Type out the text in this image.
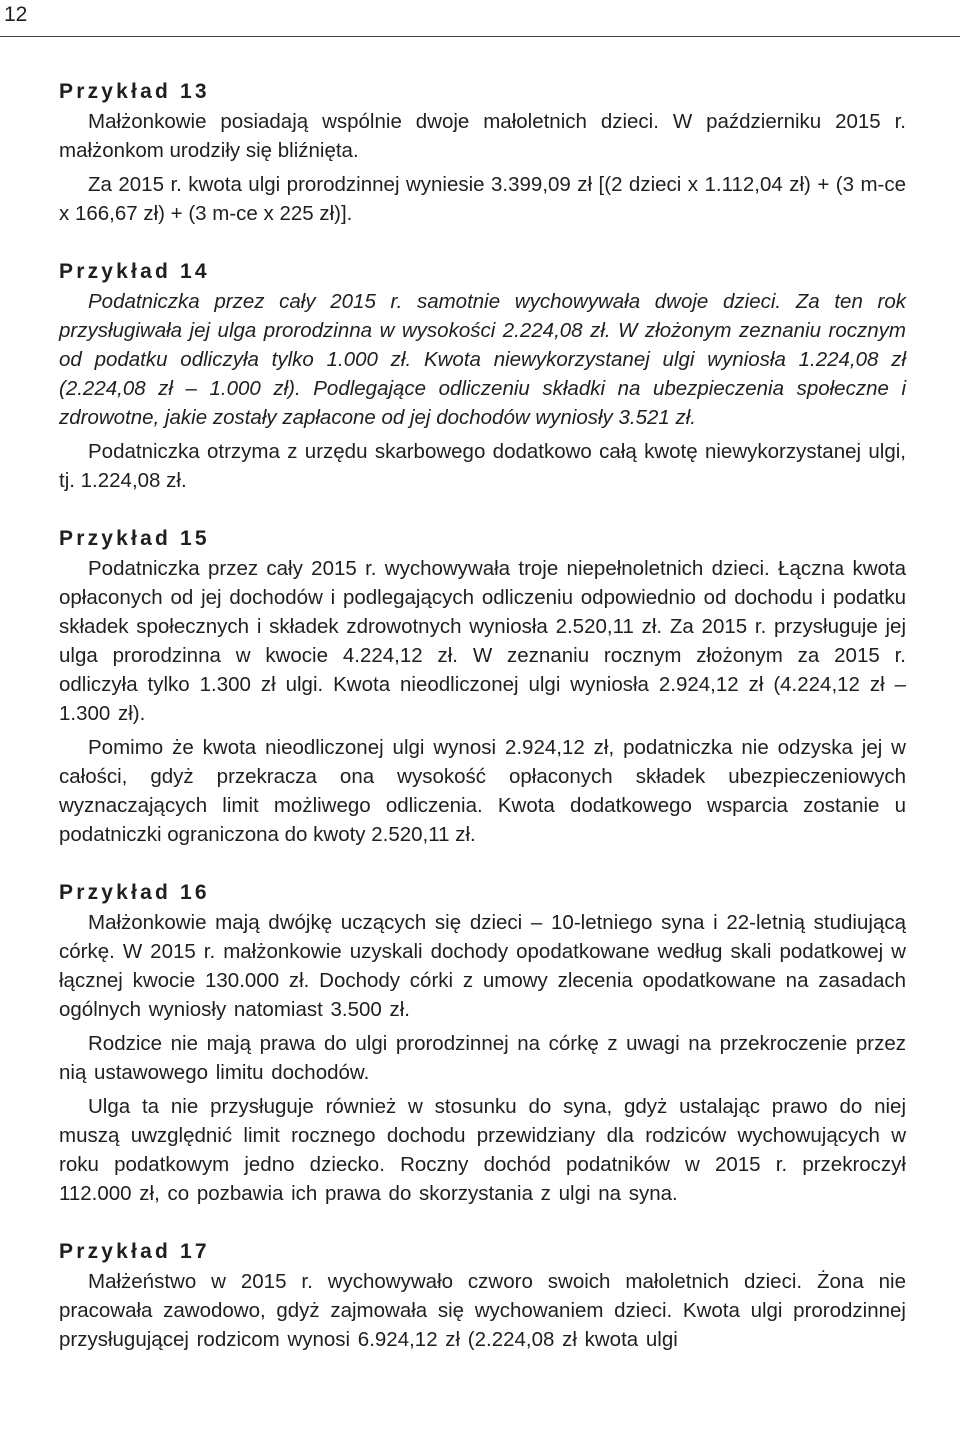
12
Przykład 13

Małżonkowie posiadają wspólnie dwoje małoletnich dzieci. W październiku 2015 r. małżonkom urodziły się bliźnięta.

Za 2015 r. kwota ulgi prorodzinnej wyniesie 3.399,09 zł [(2 dzieci x 1.112,04 zł) + (3 m-ce x 166,67 zł) + (3 m-ce x 225 zł)].

Przykład 14

Podatniczka przez cały 2015 r. samotnie wychowywała dwoje dzieci. Za ten rok przysługiwała jej ulga prorodzinna w wysokości 2.224,08 zł. W złożonym zeznaniu rocznym od podatku odliczyła tylko 1.000 zł. Kwota niewykorzystanej ulgi wyniosła 1.224,08 zł (2.224,08 zł – 1.000 zł). Podlegające odliczeniu składki na ubezpieczenia społeczne i zdrowotne, jakie zostały zapłacone od jej dochodów wyniosły 3.521 zł.

Podatniczka otrzyma z urzędu skarbowego dodatkowo całą kwotę niewykorzystanej ulgi, tj. 1.224,08 zł.

Przykład 15

Podatniczka przez cały 2015 r. wychowywała troje niepełnoletnich dzieci. Łączna kwota opłaconych od jej dochodów i podlegających odliczeniu odpowiednio od dochodu i podatku składek społecznych i składek zdrowotnych wyniosła 2.520,11 zł. Za 2015 r. przysługuje jej ulga prorodzinna w kwocie 4.224,12 zł. W zeznaniu rocznym złożonym za 2015 r. odliczyła tylko 1.300 zł ulgi. Kwota nieodliczonej ulgi wyniosła 2.924,12 zł (4.224,12 zł – 1.300 zł).

Pomimo że kwota nieodliczonej ulgi wynosi 2.924,12 zł, podatniczka nie odzyska jej w całości, gdyż przekracza ona wysokość opłaconych składek ubezpieczeniowych wyznaczających limit możliwego odliczenia. Kwota dodatkowego wsparcia zostanie u podatniczki ograniczona do kwoty 2.520,11 zł.

Przykład 16

Małżonkowie mają dwójkę uczących się dzieci – 10-letniego syna i 22-letnią studiującą córkę. W 2015 r. małżonkowie uzyskali dochody opodatkowane według skali podatkowej w łącznej kwocie 130.000 zł. Dochody córki z umowy zlecenia opodatkowane na zasadach ogólnych wyniosły natomiast 3.500 zł.

Rodzice nie mają prawa do ulgi prorodzinnej na córkę z uwagi na przekroczenie przez nią ustawowego limitu dochodów.

Ulga ta nie przysługuje również w stosunku do syna, gdyż ustalając prawo do niej muszą uwzględnić limit rocznego dochodu przewidziany dla rodziców wychowujących w roku podatkowym jedno dziecko. Roczny dochód podatników w 2015 r. przekroczył 112.000 zł, co pozbawia ich prawa do skorzystania z ulgi na syna.

Przykład 17

Małżeństwo w 2015 r. wychowywało czworo swoich małoletnich dzieci. Żona nie pracowała zawodowo, gdyż zajmowała się wychowaniem dzieci. Kwota ulgi prorodzinnej przysługującej rodzicom wynosi 6.924,12 zł (2.224,08 zł kwota ulgi
